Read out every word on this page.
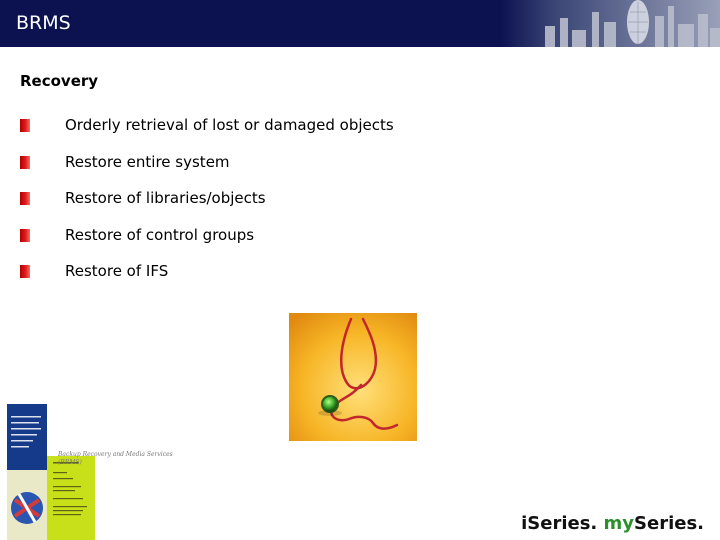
BRMS
Recovery
Orderly retrieval of lost or damaged objects
Restore entire system
Restore of libraries/objects
Restore of control groups
Restore of IFS
Backup Recovery and Media Services (BRMS)
iSeries. mySeries.
